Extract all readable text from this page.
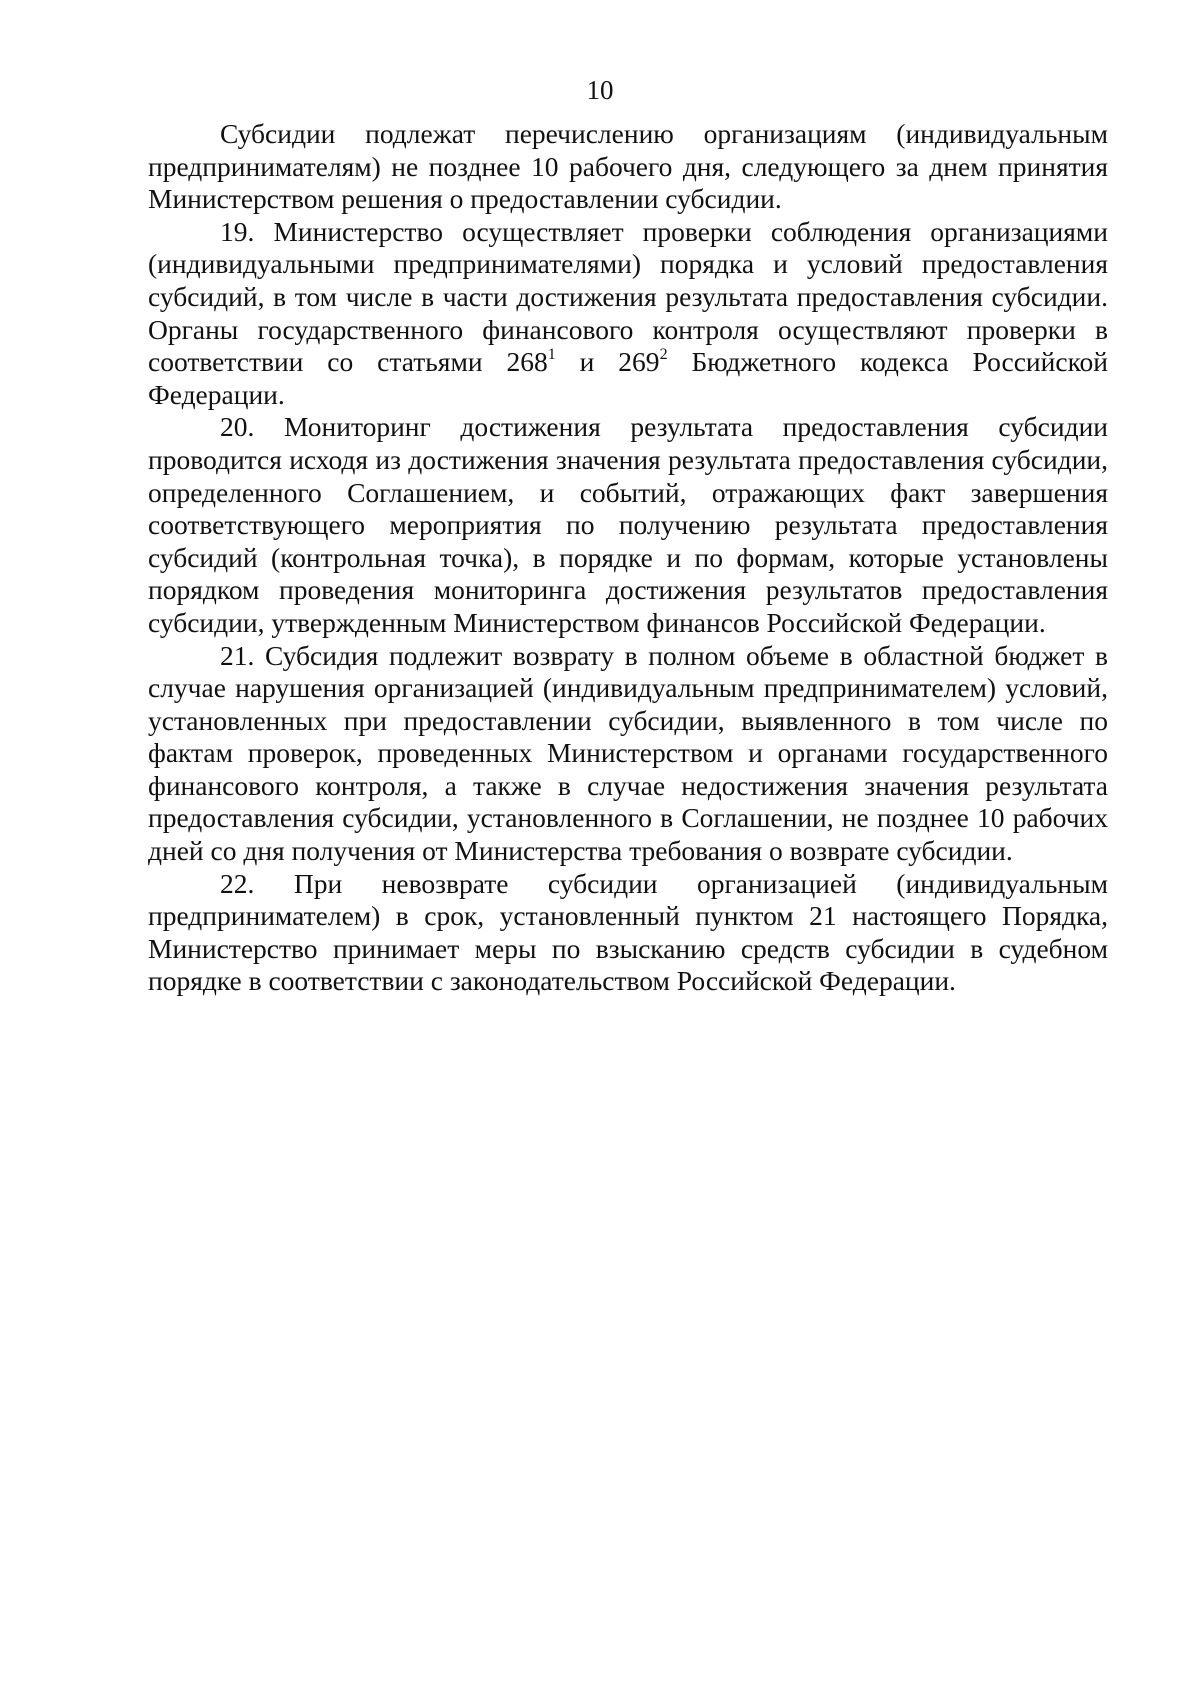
10

Субсидии подлежат перечислению организациям (индивидуальным предпринимателям) не позднее 10 рабочего дня, следующего за днем принятия Министерством решения о предоставлении субсидии.

19. Министерство осуществляет проверки соблюдения организациями (индивидуальными предпринимателями) порядка и условий предоставления субсидий, в том числе в части достижения результата предоставления субсидии. Органы государственного финансового контроля осуществляют проверки в соответствии со статьями $268^1$ и $269^2$ Бюджетного кодекса Российской Федерации.

20. Мониторинг достижения результата предоставления субсидии проводится исходя из достижения значения результата предоставления субсидии, определенного Соглашением, и событий, отражающих факт завершения соответствующего мероприятия по получению результата предоставления субсидий (контрольная точка), в порядке и по формам, которые установлены порядком проведения мониторинга достижения результатов предоставления субсидии, утвержденным Министерством финансов Российской Федерации.

21. Субсидия подлежит возврату в полном объеме в областной бюджет в случае нарушения организацией (индивидуальным предпринимателем) условий, установленных при предоставлении субсидии, выявленного в том числе по фактам проверок, проведенных Министерством и органами государственного финансового контроля, а также в случае недостижения значения результата предоставления субсидии, установленного в Соглашении, не позднее 10 рабочих дней со дня получения от Министерства требования о возврате субсидии.

22. При невозврате субсидии организацией (индивидуальным предпринимателем) в срок, установленный пунктом 21 настоящего Порядка, Министерство принимает меры по взысканию средств субсидии в судебном порядке в соответствии с законодательством Российской Федерации.
